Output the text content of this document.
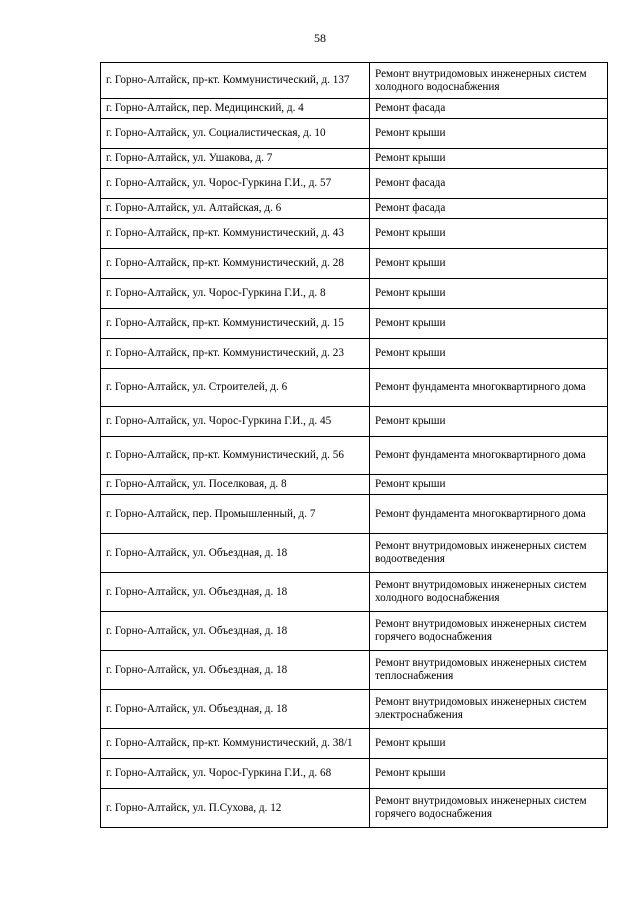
58
г. Горно-Алтайск, пр-кт. Коммунистический, д. 137	Ремонт внутридомовых инженерных систем холодного водоснабжения
г. Горно-Алтайск, пер. Медицинский, д. 4	Ремонт фасада
г. Горно-Алтайск, ул. Социалистическая, д. 10	Ремонт крыши
г. Горно-Алтайск, ул. Ушакова, д. 7	Ремонт крыши
г. Горно-Алтайск, ул. Чорос-Гуркина Г.И., д. 57	Ремонт фасада
г. Горно-Алтайск, ул. Алтайская, д. 6	Ремонт фасада
г. Горно-Алтайск, пр-кт. Коммунистический, д. 43	Ремонт крыши
г. Горно-Алтайск, пр-кт. Коммунистический, д. 28	Ремонт крыши
г. Горно-Алтайск, ул. Чорос-Гуркина Г.И., д. 8	Ремонт крыши
г. Горно-Алтайск, пр-кт. Коммунистический, д. 15	Ремонт крыши
г. Горно-Алтайск, пр-кт. Коммунистический, д. 23	Ремонт крыши
г. Горно-Алтайск, ул. Строителей, д. 6	Ремонт фундамента многоквартирного дома
г. Горно-Алтайск, ул. Чорос-Гуркина Г.И., д. 45	Ремонт крыши
г. Горно-Алтайск, пр-кт. Коммунистический, д. 56	Ремонт фундамента многоквартирного дома
г. Горно-Алтайск, ул. Поселковая, д. 8	Ремонт крыши
г. Горно-Алтайск, пер. Промышленный, д. 7	Ремонт фундамента многоквартирного дома
г. Горно-Алтайск, ул. Объездная, д. 18	Ремонт внутридомовых инженерных систем водоотведения
г. Горно-Алтайск, ул. Объездная, д. 18	Ремонт внутридомовых инженерных систем холодного водоснабжения
г. Горно-Алтайск, ул. Объездная, д. 18	Ремонт внутридомовых инженерных систем горячего водоснабжения
г. Горно-Алтайск, ул. Объездная, д. 18	Ремонт внутридомовых инженерных систем теплоснабжения
г. Горно-Алтайск, ул. Объездная, д. 18	Ремонт внутридомовых инженерных систем электроснабжения
г. Горно-Алтайск, пр-кт. Коммунистический, д. 38/1	Ремонт крыши
г. Горно-Алтайск, ул. Чорос-Гуркина Г.И., д. 68	Ремонт крыши
г. Горно-Алтайск, ул. П.Сухова, д. 12	Ремонт внутридомовых инженерных систем горячего водоснабжения
